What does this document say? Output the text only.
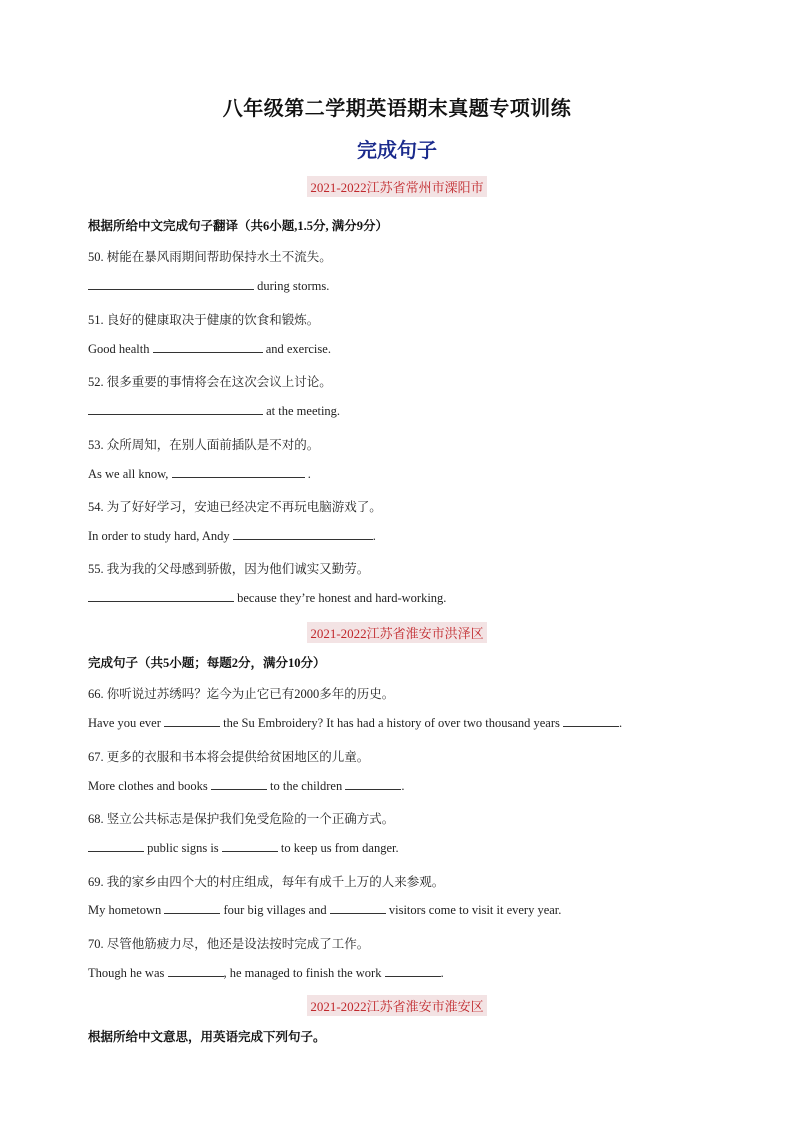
八年级第二学期英语期末真题专项训练
完成句子
2021-2022江苏省常州市溧阳市
根据所给中文完成句子翻译（共6小题,1.5分, 满分9分）
50. 树能在暴风雨期间帮助保持水土不流失。
during storms.
51. 良好的健康取决于健康的饮食和锻炼。
Good health	and exercise.
52. 很多重要的事情将会在这次会议上讨论。
at the meeting.
53. 众所周知，在别人面前插队是不对的。
As we all know,	.
54. 为了好好学习，安迪已经决定不再玩电脑游戏了。
In order to study hard, Andy	.
55. 我为我的父母感到骄傲，因为他们诚实又勤劳。
because they’re honest and hard-working.
2021-2022江苏省淮安市洪泽区
完成句子（共5小题；每题2分，满分10分）
66. 你听说过苏绣吗？迄今为止它已有2000多年的历史。
Have you ever	the Su Embroidery? It has had a history of over two thousand years	.
67. 更多的衣服和书本将会提供给贫困地区的儿童。
More clothes and books	to the children	.
68. 竖立公共标志是保护我们免受危险的一个正确方式。
public signs is	to keep us from danger.
69. 我的家乡由四个大的村庄组成，每年有成千上万的人来参观。
My hometown	four big villages and	visitors come to visit it every year.
70. 尽管他筋疲力尽，他还是设法按时完成了工作。
Though he was	, he managed to finish the work	.
2021-2022江苏省淮安市淮安区
根据所给中文意思，用英语完成下列句子。
